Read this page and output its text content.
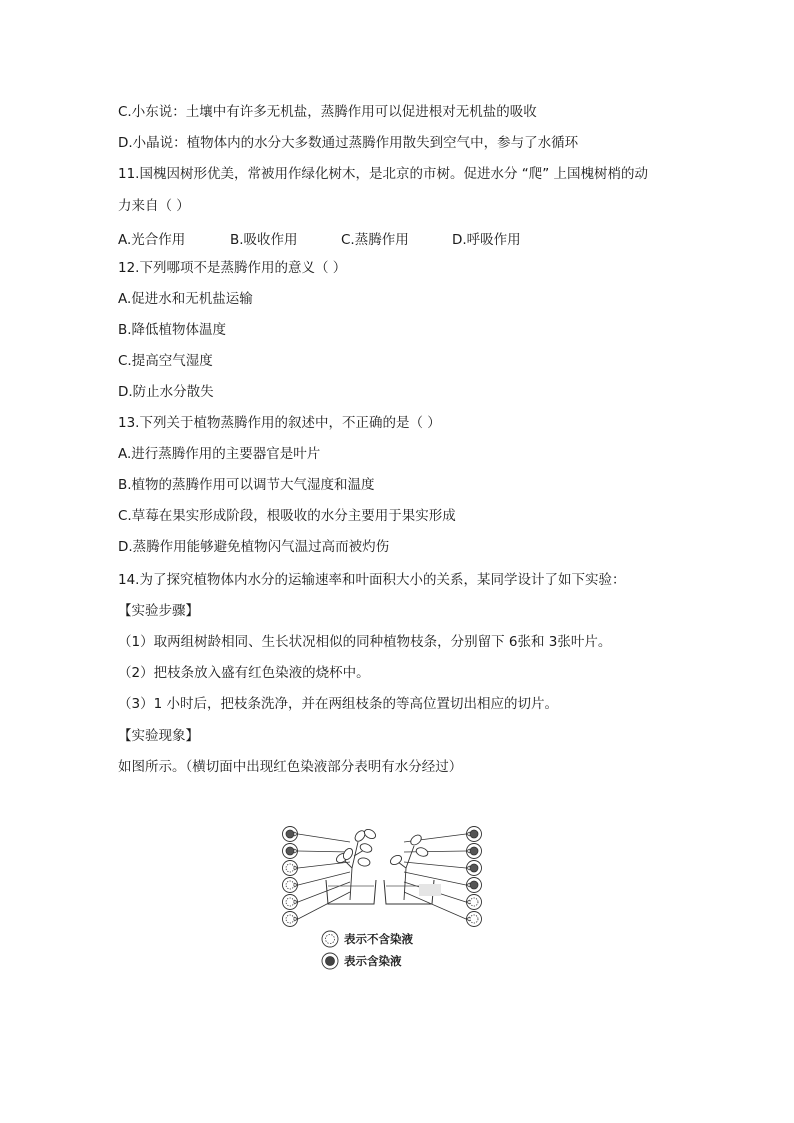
C.小东说：土壤中有许多无机盐，蒸腾作用可以促进根对无机盐的吸收
D.小晶说：植物体内的水分大多数通过蒸腾作用散失到空气中，参与了水循环
11.国槐因树形优美，常被用作绿化树木，是北京的市树。促进水分 “爬” 上国槐树梢的动
力来自（ ）
A.光合作用	B.吸收作用	C.蒸腾作用	D.呼吸作用
12.下列哪项不是蒸腾作用的意义（ ）
A.促进水和无机盐运输
B.降低植物体温度
C.提高空气湿度
D.防止水分散失
13.下列关于植物蒸腾作用的叙述中，不正确的是（ ）
A.进行蒸腾作用的主要器官是叶片
B.植物的蒸腾作用可以调节大气湿度和温度
C.草莓在果实形成阶段，根吸收的水分主要用于果实形成
D.蒸腾作用能够避免植物闪气温过高而被灼伤
14.为了探究植物体内水分的运输速率和叶面积大小的关系，某同学设计了如下实验：
【实验步骤】
（1）取两组树龄相同、生长状况相似的同种植物枝条，分别留下 6张和 3张叶片。
（2）把枝条放入盛有红色染液的烧杯中。
（3）1 小时后，把枝条洗净，并在两组枝条的等高位置切出相应的切片。
【实验现象】
如图所示。（横切面中出现红色染液部分表明有水分经过）
表示不含染液
表示含染液
